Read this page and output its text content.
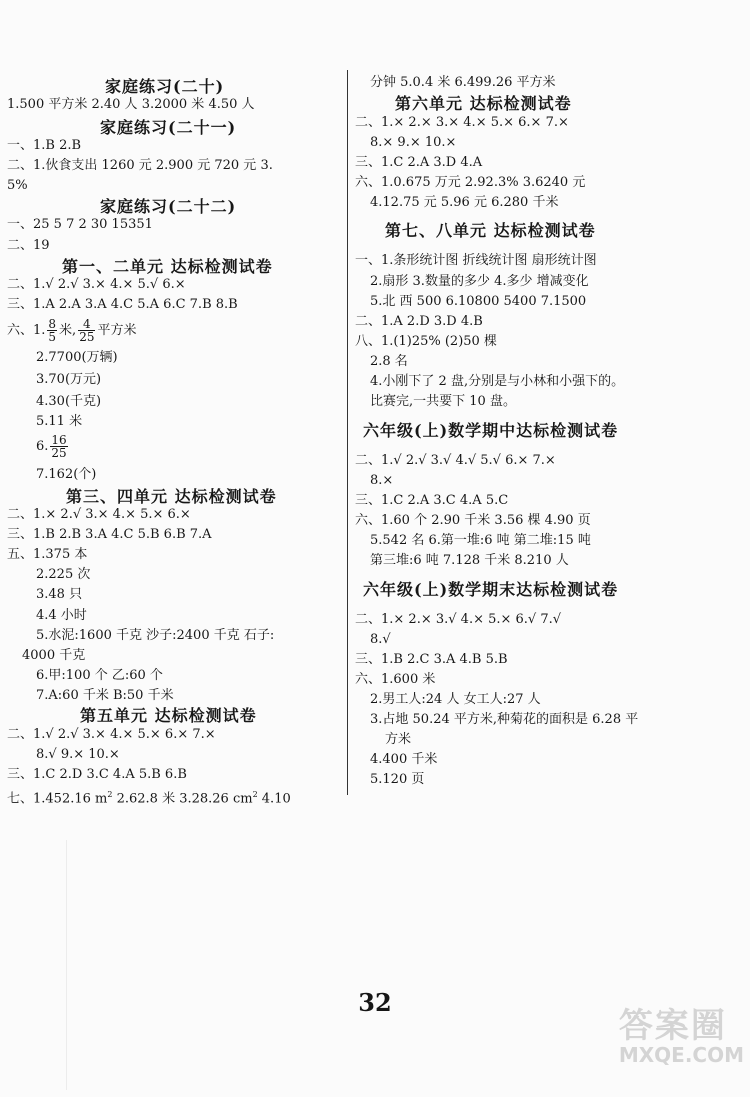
家庭练习(二十)
1.500 平方米 2.40 人 3.2000 米 4.50 人
家庭练习(二十一)
一、1.B 2.B
二、1.伙食支出 1260 元 2.900 元 720 元 3.
5%
家庭练习(二十二)
一、25 5 7 2 30 15351
二、19
第一、二单元 达标检测试卷
二、1.√ 2.√ 3.× 4.× 5.√ 6.×
三、1.A 2.A 3.A 4.C 5.A 6.C 7.B 8.B
六、1. $\frac{8}{5}$ 米, $\frac{4}{25}$ 平方米
2.7700(万辆)
3.70(万元)
4.30(千克)
5.11 米
6. $\frac{16}{25}$
7.162(个)
第三、四单元 达标检测试卷
二、1.× 2.√ 3.× 4.× 5.× 6.×
三、1.B 2.B 3.A 4.C 5.B 6.B 7.A
五、1.375 本
2.225 次
3.48 只
4.4 小时
5.水泥:1600 千克 沙子:2400 千克 石子:
4000 千克
6.甲:100 个 乙:60 个
7.A:60 千米 B:50 千米
第五单元 达标检测试卷
二、1.√ 2.√ 3.× 4.× 5.× 6.× 7.×
8.√ 9.× 10.×
三、1.C 2.D 3.C 4.A 5.B 6.B
七、1.452.16 $m^2$ 2.62.8 米 3.28.26 $cm^2$ 4.10
分钟 5.0.4 米 6.499.26 平方米
第六单元 达标检测试卷
二、1.× 2.× 3.× 4.× 5.× 6.× 7.×
8.× 9.× 10.×
三、1.C 2.A 3.D 4.A
六、1.0.675 万元 2.92.3% 3.6240 元
4.12.75 元 5.96 元 6.280 千米
第七、八单元 达标检测试卷
一、1.条形统计图 折线统计图 扇形统计图
2.扇形 3.数量的多少 4.多少 增减变化
5.北 西 500 6.10800 5400 7.1500
二、1.A 2.D 3.D 4.B
八、1.(1)25% (2)50 棵
2.8 名
4.小刚下了 2 盘,分别是与小林和小强下的。
比赛完,一共要下 10 盘。
六年级(上)数学期中达标检测试卷
二、1.√ 2.√ 3.√ 4.√ 5.√ 6.× 7.×
8.×
三、1.C 2.A 3.C 4.A 5.C
六、1.60 个 2.90 千米 3.56 棵 4.90 页
5.542 名 6.第一堆:6 吨 第二堆:15 吨
第三堆:6 吨 7.128 千米 8.210 人
六年级(上)数学期末达标检测试卷
二、1.× 2.× 3.√ 4.× 5.× 6.√ 7.√
8.√
三、1.B 2.C 3.A 4.B 5.B
六、1.600 米
2.男工人:24 人 女工人:27 人
3.占地 50.24 平方米,种菊花的面积是 6.28 平
方米
4.400 千米
5.120 页
32
答案圈
MXQE.COM
